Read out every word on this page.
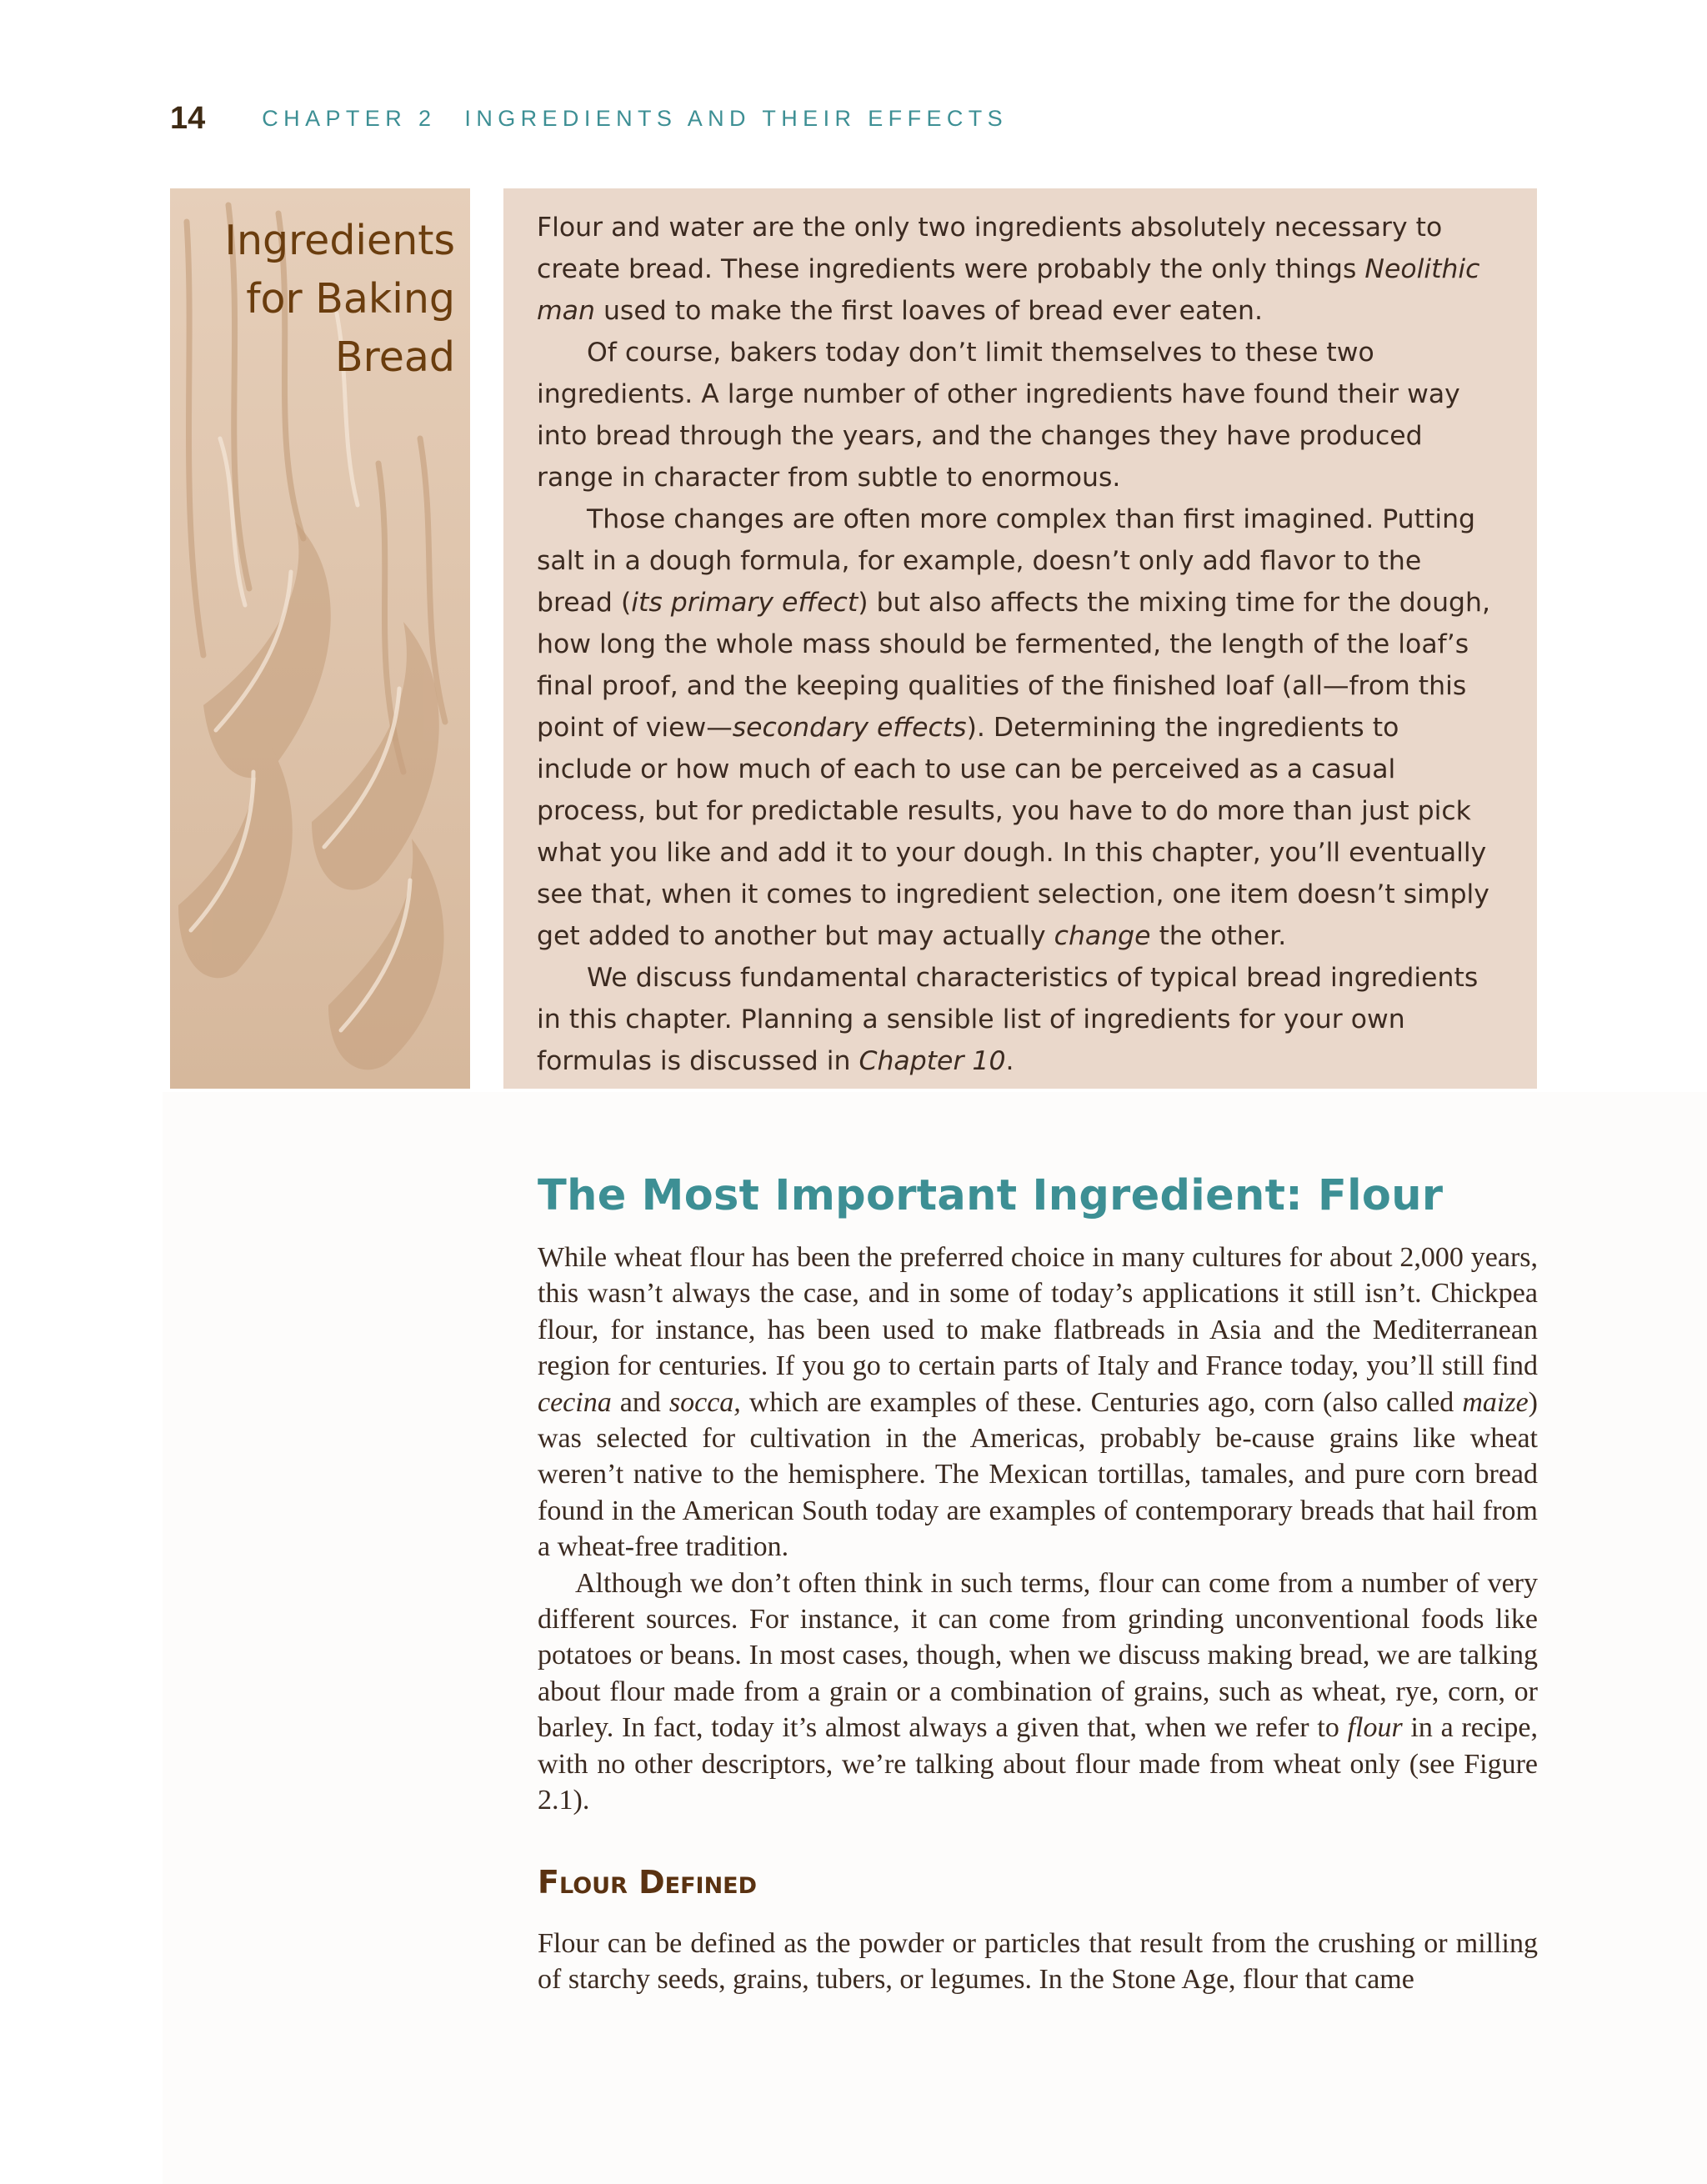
14	CHAPTER 2 INGREDIENTS AND THEIR EFFECTS
Ingredients
for Baking
Bread

Flour and water are the only two ingredients absolutely necessary to create bread. These ingredients were probably the only things Neolithic man used to make the first loaves of bread ever eaten.

Of course, bakers today don’t limit themselves to these two ingredients. A large number of other ingredients have found their way into bread through the years, and the changes they have produced range in character from subtle to enormous.

Those changes are often more complex than first imagined. Putting salt in a dough formula, for example, doesn’t only add flavor to the bread (its primary effect) but also affects the mixing time for the dough, how long the whole mass should be fermented, the length of the loaf’s final proof, and the keeping qualities of the finished loaf (all—from this point of view—secondary effects). Determining the ingredients to include or how much of each to use can be perceived as a casual process, but for predictable results, you have to do more than just pick what you like and add it to your dough. In this chapter, you’ll eventually see that, when it comes to ingredient selection, one item doesn’t simply get added to another but may actually change the other.

We discuss fundamental characteristics of typical bread ingredients in this chapter. Planning a sensible list of ingredients for your own formulas is discussed in Chapter 10.

The Most Important Ingredient: Flour

While wheat flour has been the preferred choice in many cultures for about 2,000 years, this wasn’t always the case, and in some of today’s applications it still isn’t. Chickpea flour, for instance, has been used to make flatbreads in Asia and the Mediterranean region for centuries. If you go to certain parts of Italy and France today, you’ll still find cecina and socca, which are examples of these. Centuries ago, corn (also called maize) was selected for cultivation in the Americas, probably be-cause grains like wheat weren’t native to the hemisphere. The Mexican tortillas, tamales, and pure corn bread found in the American South today are examples of contemporary breads that hail from a wheat-free tradition.

Although we don’t often think in such terms, flour can come from a number of very different sources. For instance, it can come from grinding unconventional foods like potatoes or beans. In most cases, though, when we discuss making bread, we are talking about flour made from a grain or a combination of grains, such as wheat, rye, corn, or barley. In fact, today it’s almost always a given that, when we refer to flour in a recipe, with no other descriptors, we’re talking about flour made from wheat only (see Figure 2.1).

Flour Defined

Flour can be defined as the powder or particles that result from the crushing or milling of starchy seeds, grains, tubers, or legumes. In the Stone Age, flour that came
